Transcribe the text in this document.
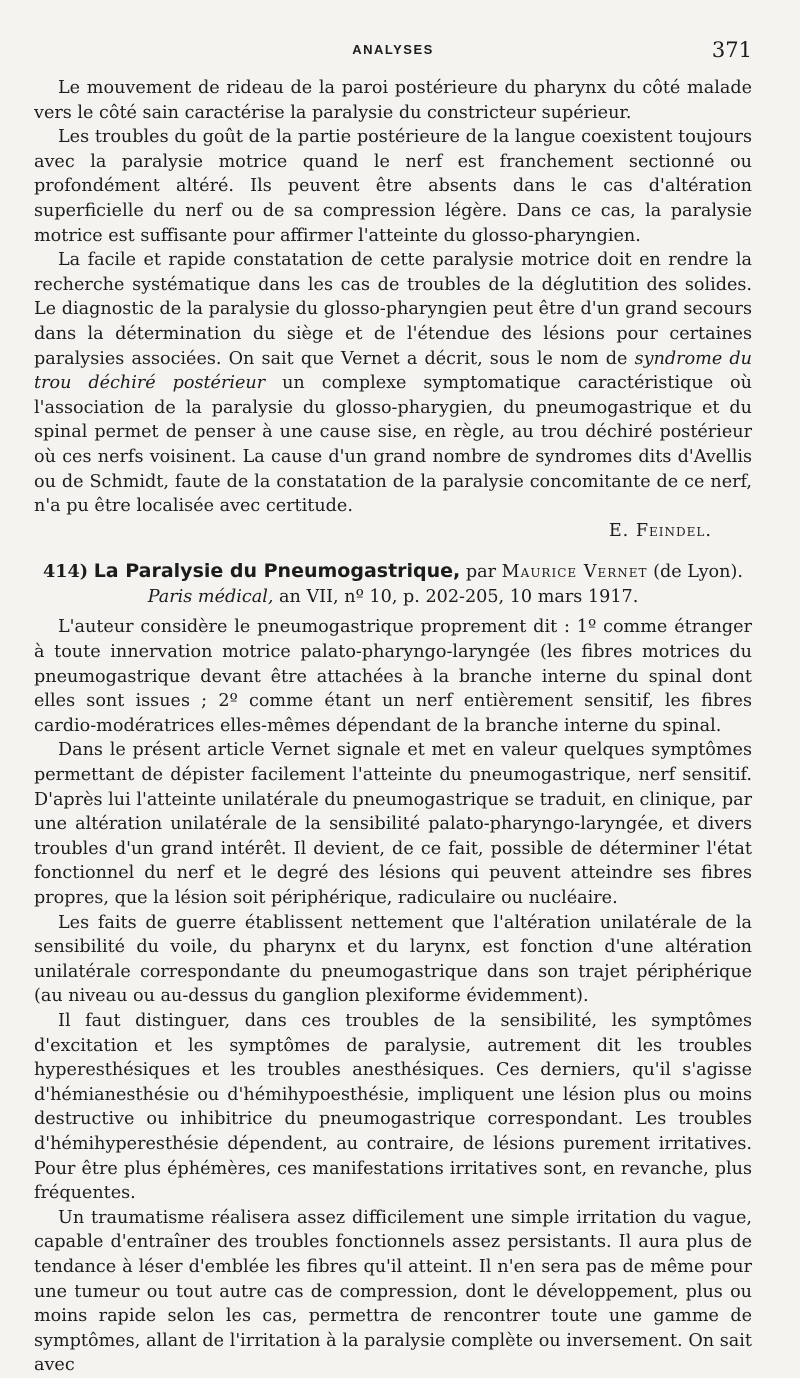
ANALYSES	371

Le mouvement de rideau de la paroi postérieure du pharynx du côté malade vers le côté sain caractérise la paralysie du constricteur supérieur.

Les troubles du goût de la partie postérieure de la langue coexistent toujours avec la paralysie motrice quand le nerf est franchement sectionné ou profondément altéré. Ils peuvent être absents dans le cas d'altération superficielle du nerf ou de sa compression légère. Dans ce cas, la paralysie motrice est suffisante pour affirmer l'atteinte du glosso-pharyngien.

La facile et rapide constatation de cette paralysie motrice doit en rendre la recherche systématique dans les cas de troubles de la déglutition des solides. Le diagnostic de la paralysie du glosso-pharyngien peut être d'un grand secours dans la détermination du siège et de l'étendue des lésions pour certaines paralysies associées. On sait que Vernet a décrit, sous le nom de syndrome du trou déchiré postérieur un complexe symptomatique caractéristique où l'association de la paralysie du glosso-pharygien, du pneumogastrique et du spinal permet de penser à une cause sise, en règle, au trou déchiré postérieur où ces nerfs voisinent. La cause d'un grand nombre de syndromes dits d'Avellis ou de Schmidt, faute de la constatation de la paralysie concomitante de ce nerf, n'a pu être localisée avec certitude.

E. Feindel.
414) La Paralysie du Pneumogastrique, par Maurice Vernet (de Lyon).
Paris médical, an VII, nº 10, p. 202-205, 10 mars 1917.

L'auteur considère le pneumogastrique proprement dit : 1º comme étranger à toute innervation motrice palato-pharyngo-laryngée (les fibres motrices du pneumogastrique devant être attachées à la branche interne du spinal dont elles sont issues ; 2º comme étant un nerf entièrement sensitif, les fibres cardio-modératrices elles-mêmes dépendant de la branche interne du spinal.

Dans le présent article Vernet signale et met en valeur quelques symptômes permettant de dépister facilement l'atteinte du pneumogastrique, nerf sensitif. D'après lui l'atteinte unilatérale du pneumogastrique se traduit, en clinique, par une altération unilatérale de la sensibilité palato-pharyngo-laryngée, et divers troubles d'un grand intérêt. Il devient, de ce fait, possible de déterminer l'état fonctionnel du nerf et le degré des lésions qui peuvent atteindre ses fibres propres, que la lésion soit périphérique, radiculaire ou nucléaire.

Les faits de guerre établissent nettement que l'altération unilatérale de la sensibilité du voile, du pharynx et du larynx, est fonction d'une altération unilatérale correspondante du pneumogastrique dans son trajet périphérique (au niveau ou au-dessus du ganglion plexiforme évidemment).

Il faut distinguer, dans ces troubles de la sensibilité, les symptômes d'excitation et les symptômes de paralysie, autrement dit les troubles hyperesthésiques et les troubles anesthésiques. Ces derniers, qu'il s'agisse d'hémianesthésie ou d'hémihypoesthésie, impliquent une lésion plus ou moins destructive ou inhibitrice du pneumogastrique correspondant. Les troubles d'hémihyperesthésie dépendent, au contraire, de lésions purement irritatives. Pour être plus éphémères, ces manifestations irritatives sont, en revanche, plus fréquentes.

Un traumatisme réalisera assez difficilement une simple irritation du vague, capable d'entraîner des troubles fonctionnels assez persistants. Il aura plus de tendance à léser d'emblée les fibres qu'il atteint. Il n'en sera pas de même pour une tumeur ou tout autre cas de compression, dont le développement, plus ou moins rapide selon les cas, permettra de rencontrer toute une gamme de symptômes, allant de l'irritation à la paralysie complète ou inversement. On sait avec
